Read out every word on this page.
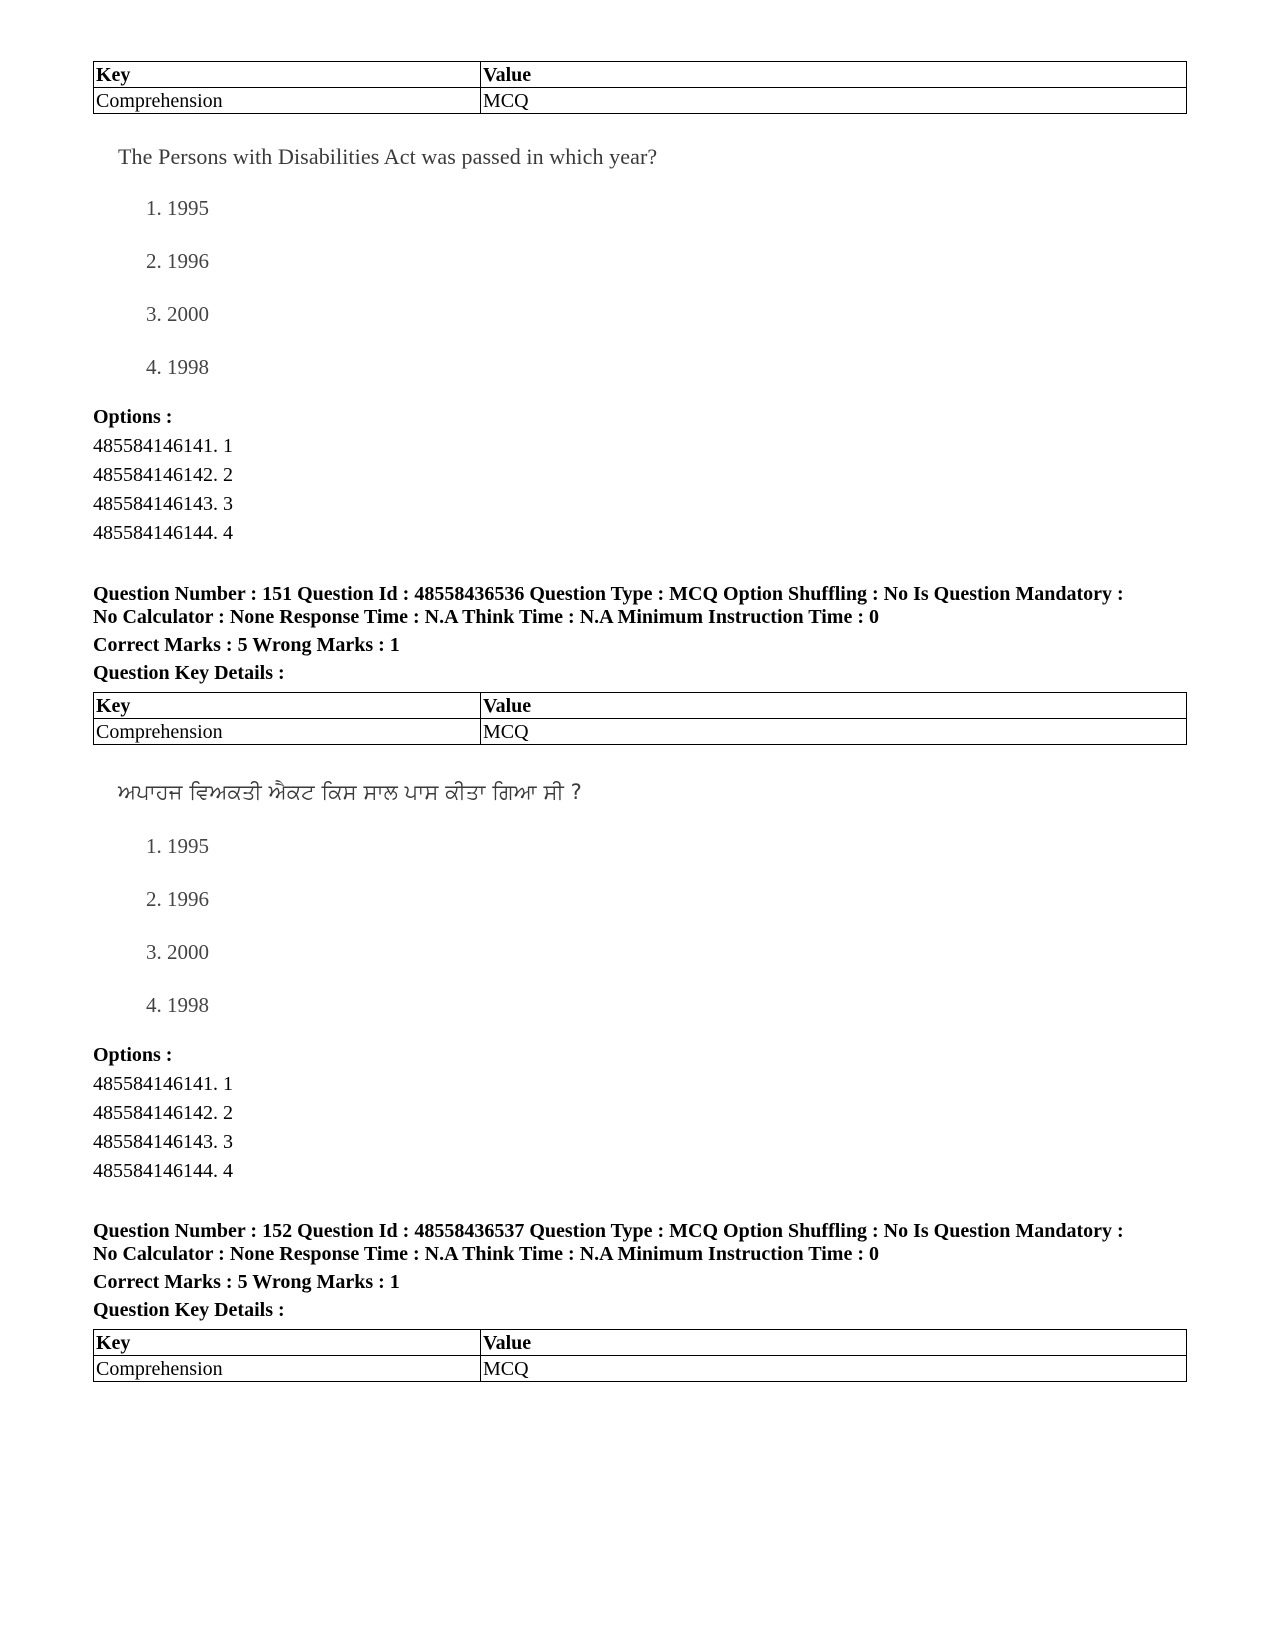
Key	Value
Comprehension	MCQ
The Persons with Disabilities Act was passed in which year?
1. 1995
2. 1996
3. 2000
4. 1998
Options :
485584146141. 1
485584146142. 2
485584146143. 3
485584146144. 4
Question Number : 151 Question Id : 48558436536 Question Type : MCQ Option Shuffling : No Is Question Mandatory :
No Calculator : None Response Time : N.A Think Time : N.A Minimum Instruction Time : 0
Correct Marks : 5 Wrong Marks : 1
Question Key Details :
Key	Value
Comprehension	MCQ
ਅਪਾਹਜ ਵਿਅਕਤੀ ਐਕਟ ਕਿਸ ਸਾਲ ਪਾਸ ਕੀਤਾ ਗਿਆ ਸੀ ?
1. 1995
2. 1996
3. 2000
4. 1998
Options :
485584146141. 1
485584146142. 2
485584146143. 3
485584146144. 4
Question Number : 152 Question Id : 48558436537 Question Type : MCQ Option Shuffling : No Is Question Mandatory :
No Calculator : None Response Time : N.A Think Time : N.A Minimum Instruction Time : 0
Correct Marks : 5 Wrong Marks : 1
Question Key Details :
Key	Value
Comprehension	MCQ
